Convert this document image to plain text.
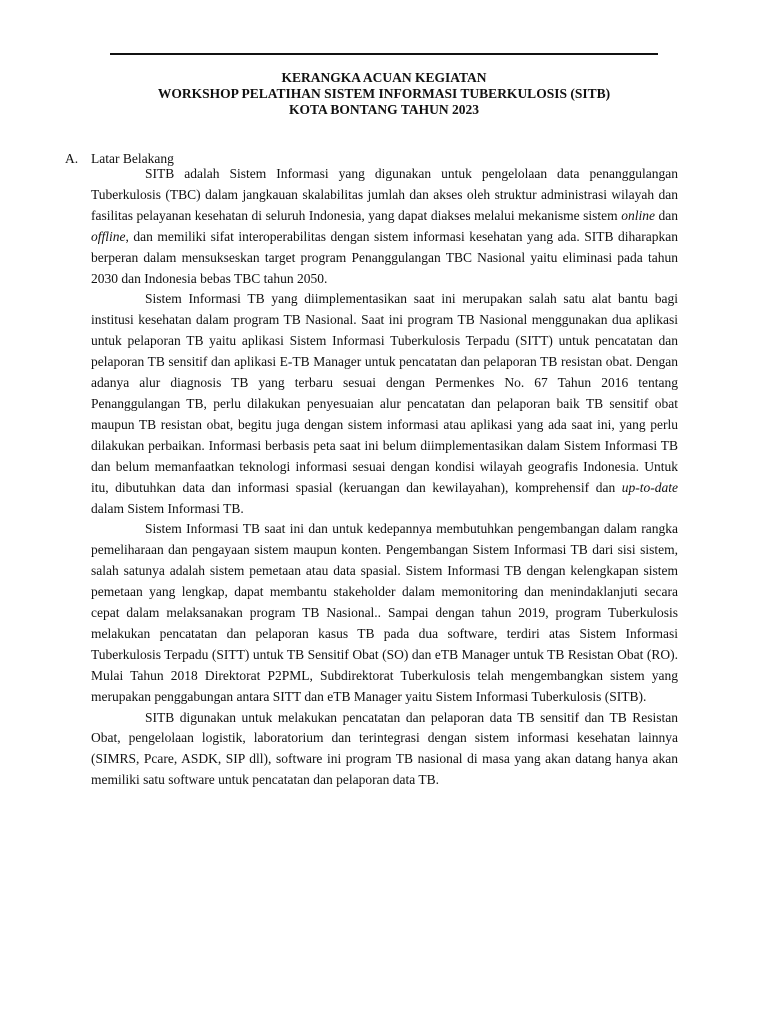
KERANGKA ACUAN KEGIATAN
WORKSHOP PELATIHAN SISTEM INFORMASI TUBERKULOSIS (SITB)
KOTA BONTANG TAHUN 2023
A. Latar Belakang

SITB adalah Sistem Informasi yang digunakan untuk pengelolaan data penanggulangan Tuberkulosis (TBC) dalam jangkauan skalabilitas jumlah dan akses oleh struktur administrasi wilayah dan fasilitas pelayanan kesehatan di seluruh Indonesia, yang dapat diakses melalui mekanisme sistem online dan offline, dan memiliki sifat interoperabilitas dengan sistem informasi kesehatan yang ada. SITB diharapkan berperan dalam mensukseskan target program Penanggulangan TBC Nasional yaitu eliminasi pada tahun 2030 dan Indonesia bebas TBC tahun 2050.

Sistem Informasi TB yang diimplementasikan saat ini merupakan salah satu alat bantu bagi institusi kesehatan dalam program TB Nasional. Saat ini program TB Nasional menggunakan dua aplikasi untuk pelaporan TB yaitu aplikasi Sistem Informasi Tuberkulosis Terpadu (SITT) untuk pencatatan dan pelaporan TB sensitif dan aplikasi E-TB Manager untuk pencatatan dan pelaporan TB resistan obat. Dengan adanya alur diagnosis TB yang terbaru sesuai dengan Permenkes No. 67 Tahun 2016 tentang Penanggulangan TB, perlu dilakukan penyesuaian alur pencatatan dan pelaporan baik TB sensitif obat maupun TB resistan obat, begitu juga dengan sistem informasi atau aplikasi yang ada saat ini, yang perlu dilakukan perbaikan. Informasi berbasis peta saat ini belum diimplementasikan dalam Sistem Informasi TB dan belum memanfaatkan teknologi informasi sesuai dengan kondisi wilayah geografis Indonesia. Untuk itu, dibutuhkan data dan informasi spasial (keruangan dan kewilayahan), komprehensif dan up-to-date dalam Sistem Informasi TB.

Sistem Informasi TB saat ini dan untuk kedepannya membutuhkan pengembangan dalam rangka pemeliharaan dan pengayaan sistem maupun konten. Pengembangan Sistem Informasi TB dari sisi sistem, salah satunya adalah sistem pemetaan atau data spasial. Sistem Informasi TB dengan kelengkapan sistem pemetaan yang lengkap, dapat membantu stakeholder dalam memonitoring dan menindaklanjuti secara cepat dalam melaksanakan program TB Nasional.. Sampai dengan tahun 2019, program Tuberkulosis melakukan pencatatan dan pelaporan kasus TB pada dua software, terdiri atas Sistem Informasi Tuberkulosis Terpadu (SITT) untuk TB Sensitif Obat (SO) dan eTB Manager untuk TB Resistan Obat (RO). Mulai Tahun 2018 Direktorat P2PML, Subdirektorat Tuberkulosis telah mengembangkan sistem yang merupakan penggabungan antara SITT dan eTB Manager yaitu Sistem Informasi Tuberkulosis (SITB).

SITB digunakan untuk melakukan pencatatan dan pelaporan data TB sensitif dan TB Resistan Obat, pengelolaan logistik, laboratorium dan terintegrasi dengan sistem informasi kesehatan lainnya (SIMRS, Pcare, ASDK, SIP dll), software ini program TB nasional di masa yang akan datang hanya akan memiliki satu software untuk pencatatan dan pelaporan data TB.
